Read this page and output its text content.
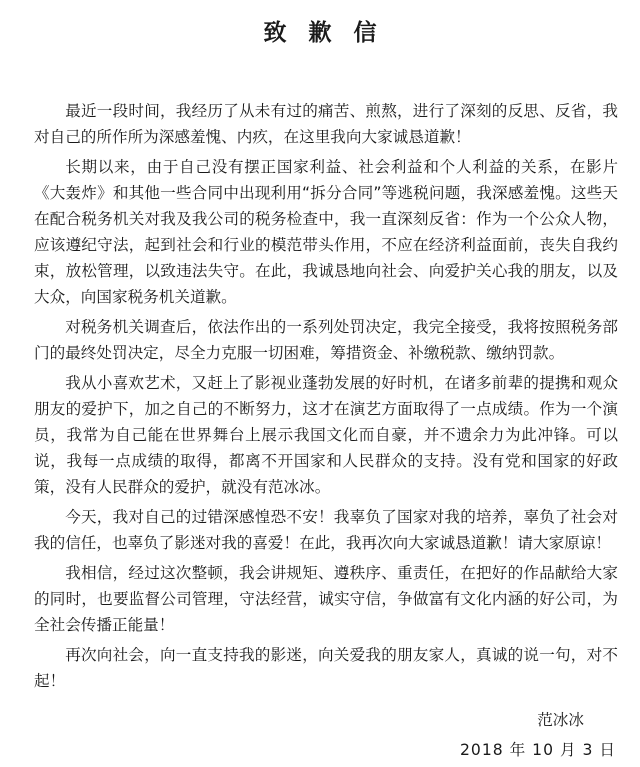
致歉信

最近一段时间，我经历了从未有过的痛苦、煎熬，进行了深刻的反思、反省，我对自己的所作所为深感羞愧、内疚，在这里我向大家诚恳道歉！

长期以来，由于自己没有摆正国家利益、社会利益和个人利益的关系，在影片《大轰炸》和其他一些合同中出现利用“拆分合同”等逃税问题，我深感羞愧。这些天在配合税务机关对我及我公司的税务检查中，我一直深刻反省：作为一个公众人物，应该遵纪守法，起到社会和行业的模范带头作用，不应在经济利益面前，丧失自我约束，放松管理，以致违法失守。在此，我诚恳地向社会、向爱护关心我的朋友，以及大众，向国家税务机关道歉。

对税务机关调查后，依法作出的一系列处罚决定，我完全接受，我将按照税务部门的最终处罚决定，尽全力克服一切困难，筹措资金、补缴税款、缴纳罚款。

我从小喜欢艺术，又赶上了影视业蓬勃发展的好时机，在诸多前辈的提携和观众朋友的爱护下，加之自己的不断努力，这才在演艺方面取得了一点成绩。作为一个演员，我常为自己能在世界舞台上展示我国文化而自豪，并不遗余力为此冲锋。可以说，我每一点成绩的取得，都离不开国家和人民群众的支持。没有党和国家的好政策，没有人民群众的爱护，就没有范冰冰。

今天，我对自己的过错深感惶恐不安！我辜负了国家对我的培养，辜负了社会对我的信任，也辜负了影迷对我的喜爱！在此，我再次向大家诚恳道歉！请大家原谅！

我相信，经过这次整顿，我会讲规矩、遵秩序、重责任，在把好的作品献给大家的同时，也要监督公司管理，守法经营，诚实守信，争做富有文化内涵的好公司，为全社会传播正能量！

再次向社会，向一直支持我的影迷，向关爱我的朋友家人，真诚的说一句，对不起！

范冰冰

2018 年 10 月 3 日
